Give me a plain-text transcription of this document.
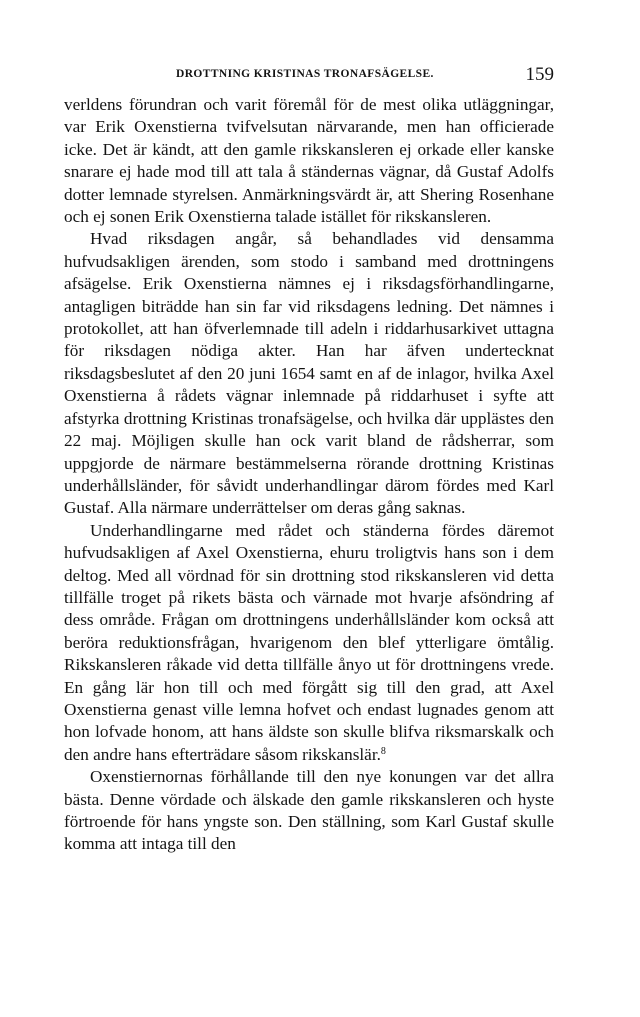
DROTTNING KRISTINAS TRONAFSÄGELSE.	159

verldens förundran och varit föremål för de mest olika utläggningar, var Erik Oxenstierna tvifvelsutan närvarande, men han officierade icke. Det är kändt, att den gamle rikskansleren ej orkade eller kanske snarare ej hade mod till att tala å ständernas vägnar, då Gustaf Adolfs dotter lemnade styrelsen. Anmärkningsvärdt är, att Shering Rosenhane och ej sonen Erik Oxenstierna talade istället för rikskansleren.

Hvad riksdagen angår, så behandlades vid densamma hufvudsakligen ärenden, som stodo i samband med drottningens afsägelse. Erik Oxenstierna nämnes ej i riksdagsförhandlingarne, antagligen biträdde han sin far vid riksdagens ledning. Det nämnes i protokollet, att han öfverlemnade till adeln i riddarhusarkivet uttagna för riksdagen nödiga akter. Han har äfven undertecknat riksdagsbeslutet af den 20 juni 1654 samt en af de inlagor, hvilka Axel Oxenstierna å rådets vägnar inlemnade på riddarhuset i syfte att afstyrka drottning Kristinas tronafsägelse, och hvilka där upplästes den 22 maj. Möjligen skulle han ock varit bland de rådsherrar, som uppgjorde de närmare bestämmelserna rörande drottning Kristinas underhållsländer, för såvidt underhandlingar därom fördes med Karl Gustaf. Alla närmare underrättelser om deras gång saknas.

Underhandlingarne med rådet och ständerna fördes däremot hufvudsakligen af Axel Oxenstierna, ehuru troligtvis hans son i dem deltog. Med all vördnad för sin drottning stod rikskansleren vid detta tillfälle troget på rikets bästa och värnade mot hvarje afsöndring af dess område. Frågan om drottningens underhållsländer kom också att beröra reduktionsfrågan, hvarigenom den blef ytterligare ömtålig. Rikskansleren råkade vid detta tillfälle ånyo ut för drottningens vrede. En gång lär hon till och med förgått sig till den grad, att Axel Oxenstierna genast ville lemna hofvet och endast lugnades genom att hon lofvade honom, att hans äldste son skulle blifva riksmarskalk och den andre hans efterträdare såsom rikskanslär.$^8$

Oxenstiernornas förhållande till den nye konungen var det allra bästa. Denne vördade och älskade den gamle rikskansleren och hyste förtroende för hans yngste son. Den ställning, som Karl Gustaf skulle komma att intaga till den
